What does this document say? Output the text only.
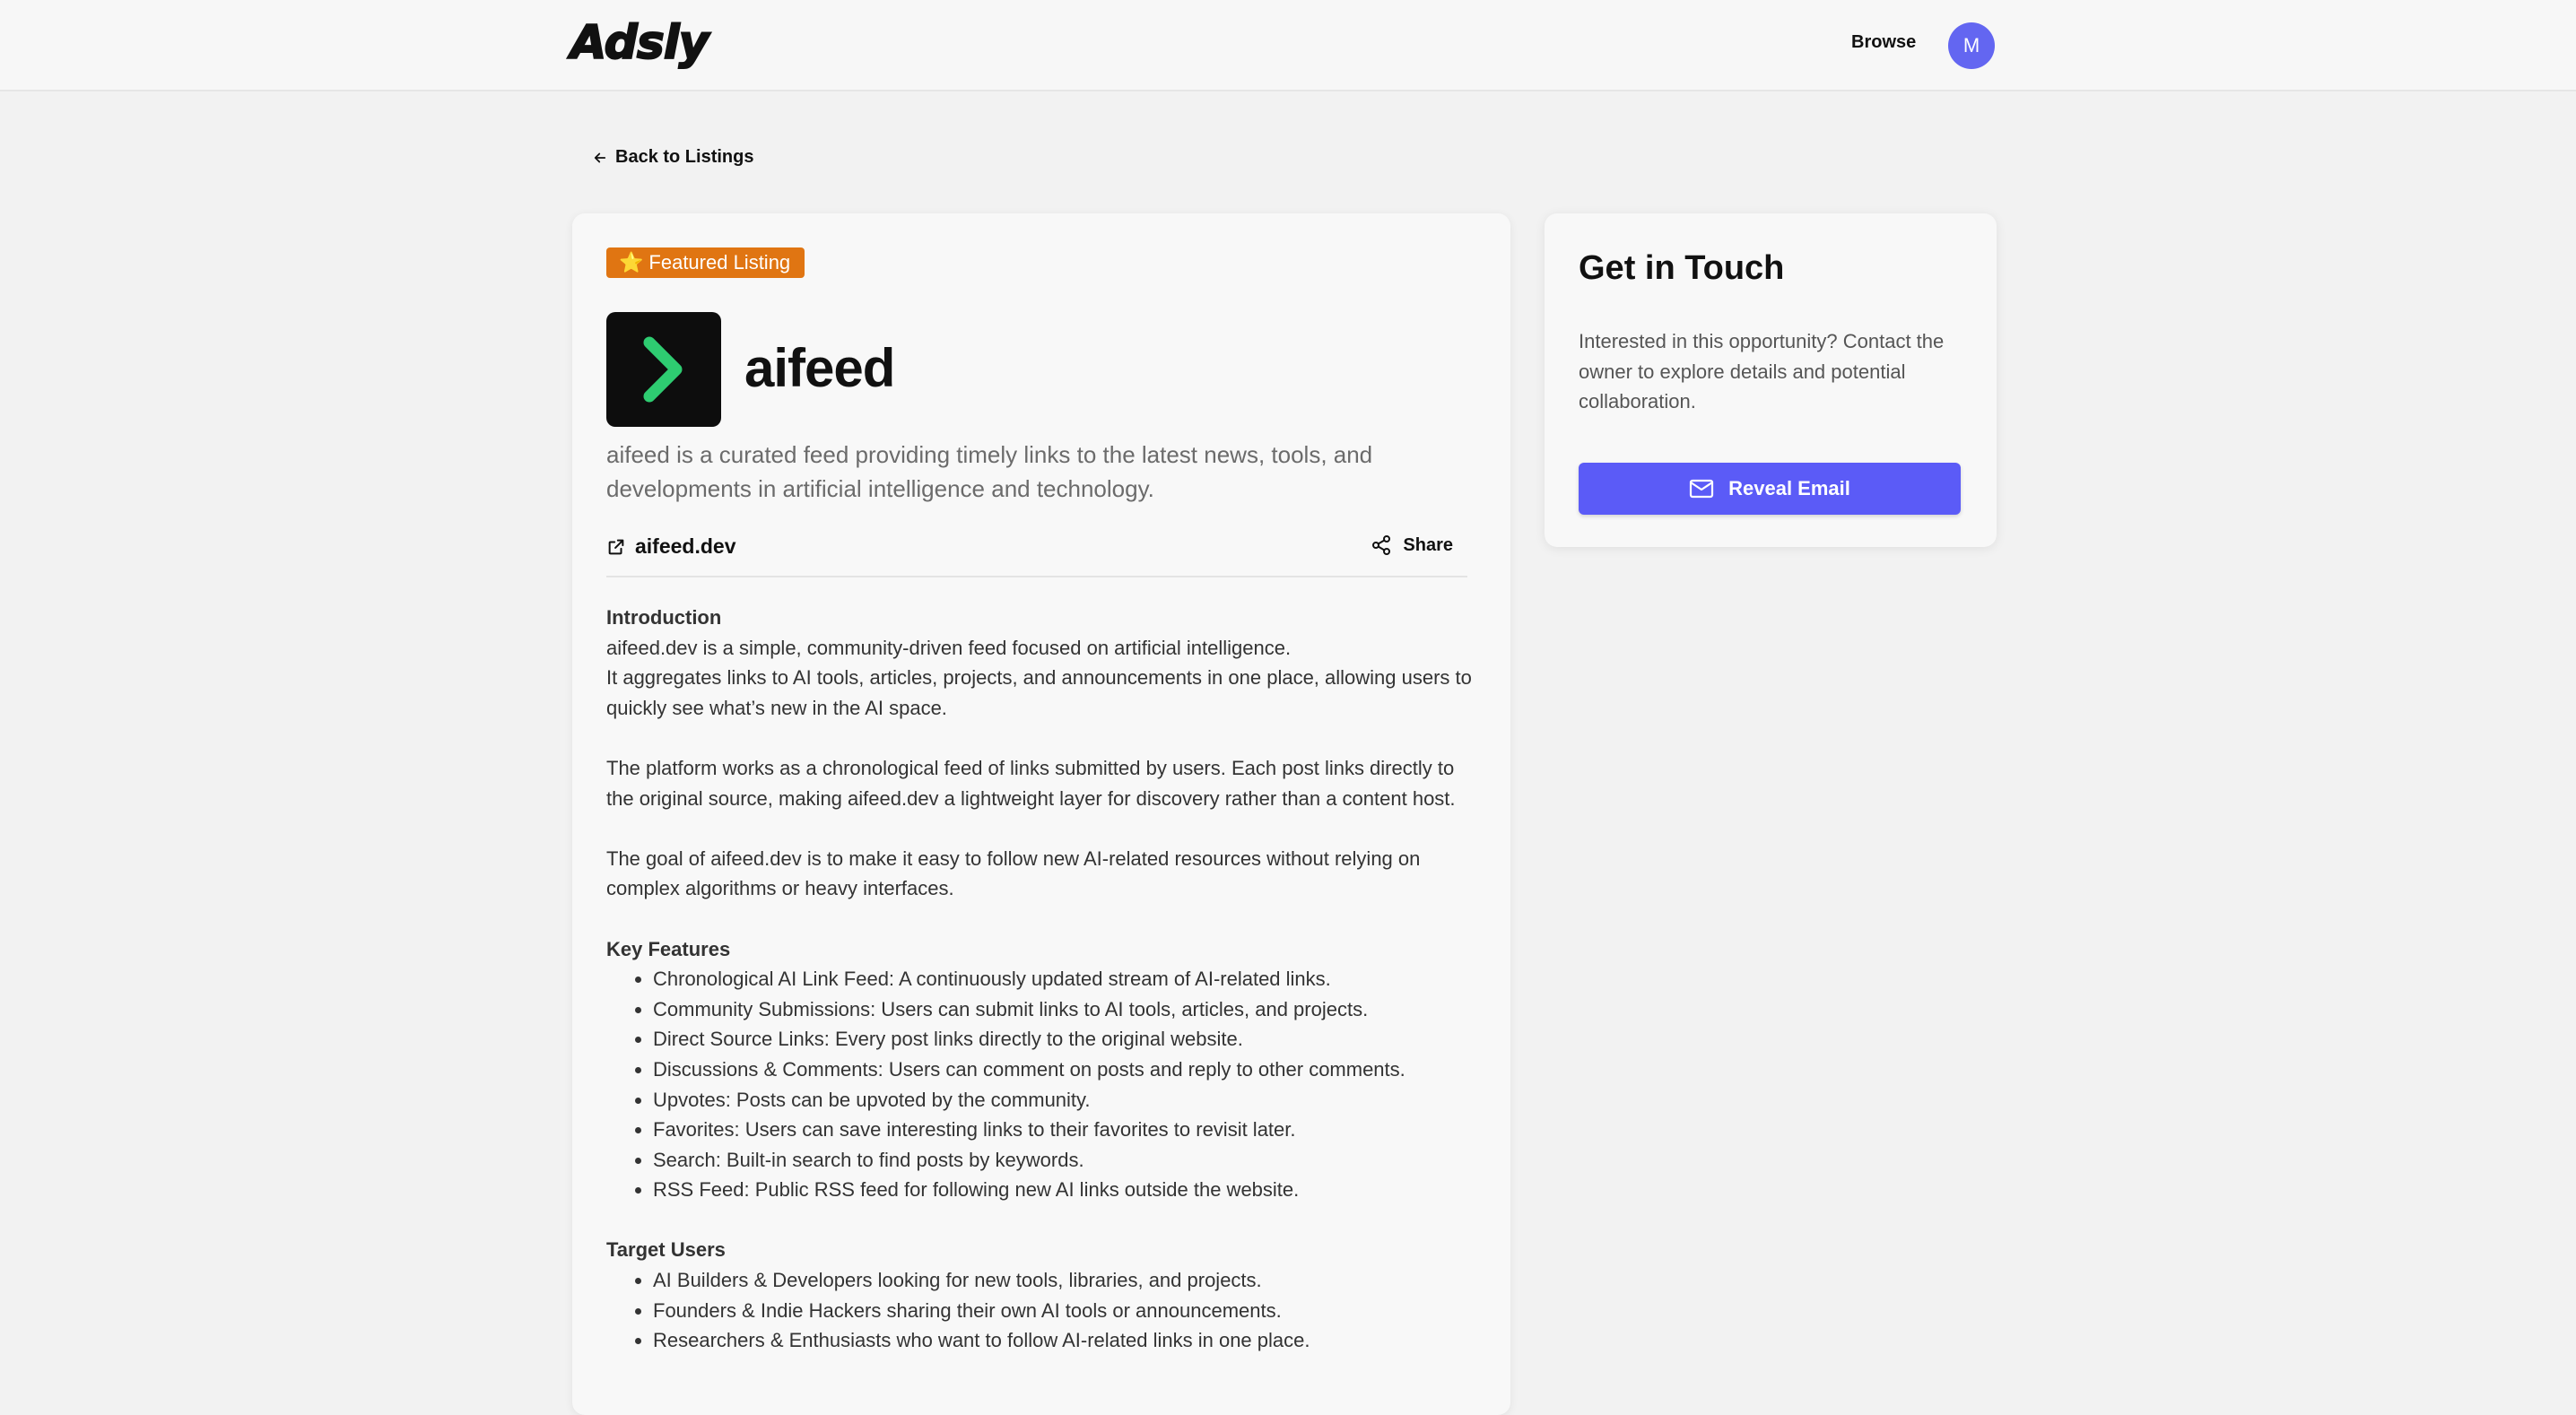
Adsly	Browse	M
Back to Listings
⭐ Featured Listing
aifeed
aifeed is a curated feed providing timely links to the latest news, tools, and developments in artificial intelligence and technology.
aifeed.dev	Share
Introduction

aifeed.dev is a simple, community-driven feed focused on artificial intelligence.

It aggregates links to AI tools, articles, projects, and announcements in one place, allowing users to quickly see what’s new in the AI space.

The platform works as a chronological feed of links submitted by users. Each post links directly to the original source, making aifeed.dev a lightweight layer for discovery rather than a content host.

The goal of aifeed.dev is to make it easy to follow new AI-related resources without relying on complex algorithms or heavy interfaces.

Key Features
• Chronological AI Link Feed: A continuously updated stream of AI-related links.
• Community Submissions: Users can submit links to AI tools, articles, and projects.
• Direct Source Links: Every post links directly to the original website.
• Discussions & Comments: Users can comment on posts and reply to other comments.
• Upvotes: Posts can be upvoted by the community.
• Favorites: Users can save interesting links to their favorites to revisit later.
• Search: Built-in search to find posts by keywords.
• RSS Feed: Public RSS feed for following new AI links outside the website.
Target Users
• AI Builders & Developers looking for new tools, libraries, and projects.
• Founders & Indie Hackers sharing their own AI tools or announcements.
• Researchers & Enthusiasts who want to follow AI-related links in one place.
Get in Touch
Interested in this opportunity? Contact the owner to explore details and potential collaboration.
Reveal Email
